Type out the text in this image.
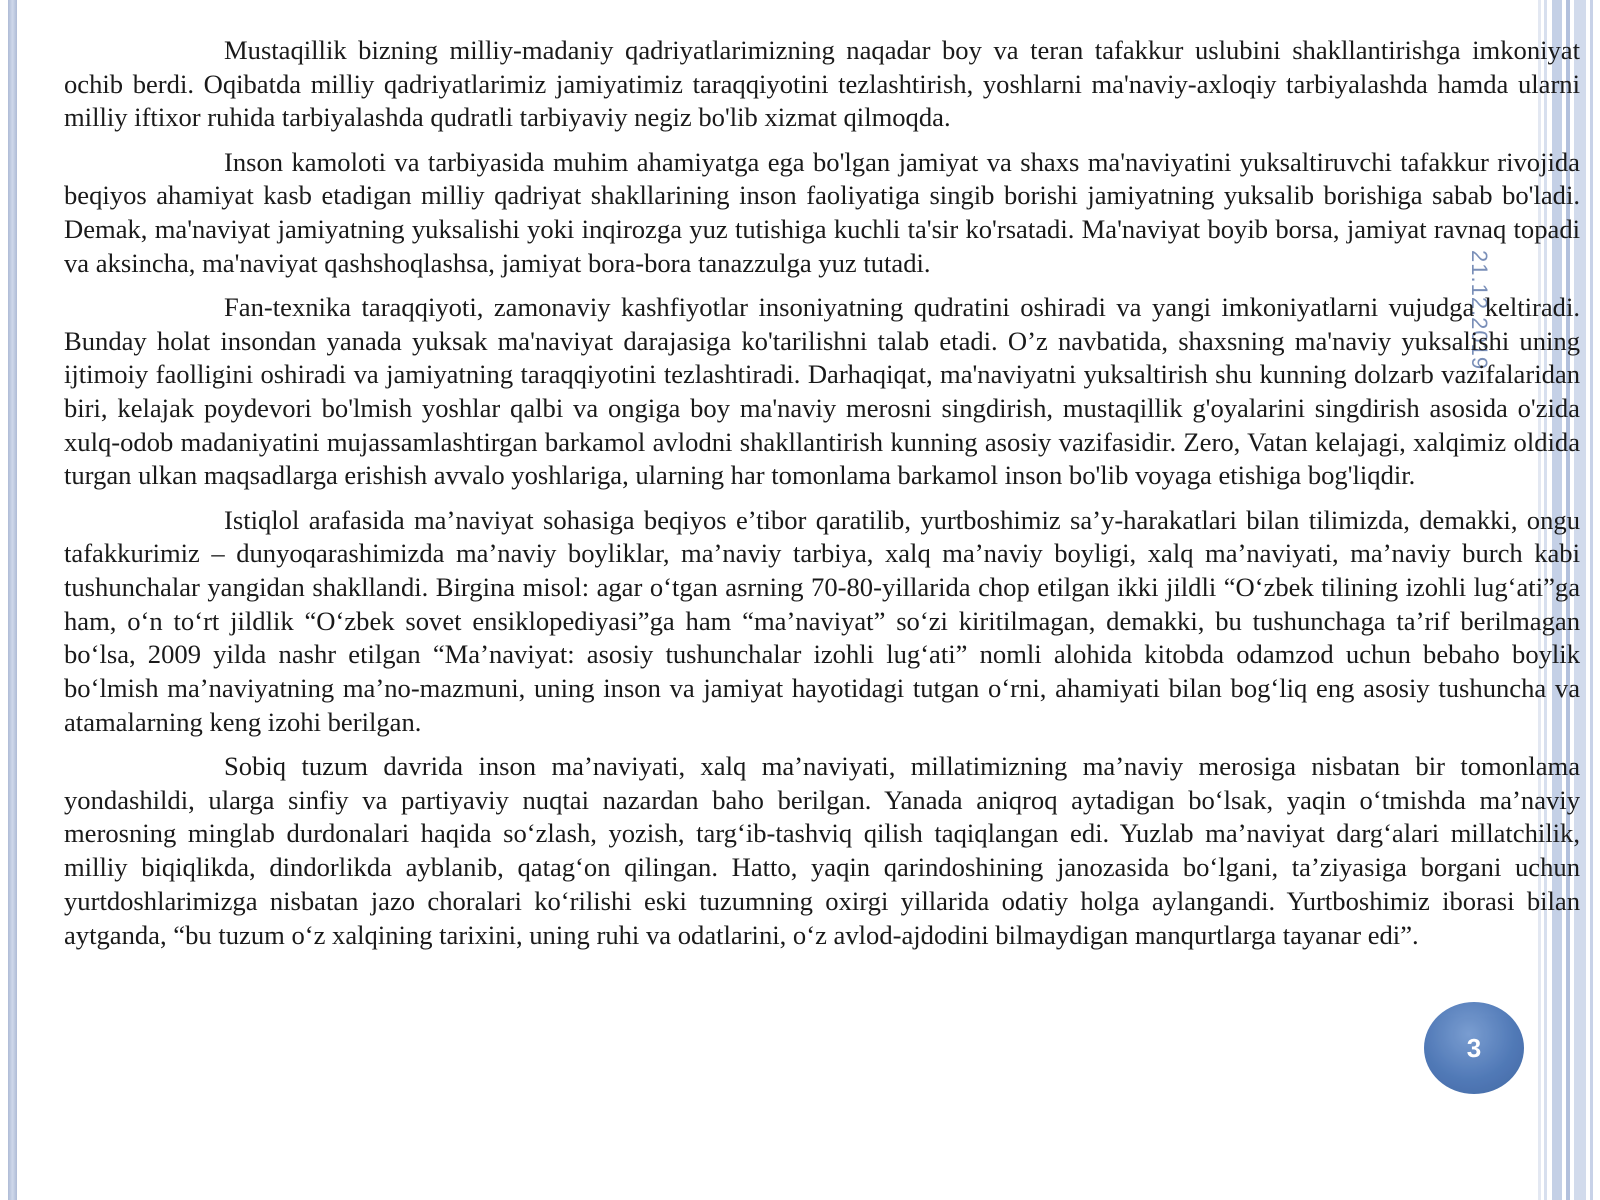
21.12.2019

Mustaqillik bizning milliy-madaniy qadriyatlarimizning naqadar boy va teran tafakkur uslubini shakllantirishga imkoniyat ochib berdi. Oqibatda milliy qadriyatlarimiz jamiyatimiz taraqqiyotini tezlashtirish, yoshlarni ma'naviy-axloqiy tarbiyalashda hamda ularni milliy iftixor ruhida tarbiyalashda qudratli tarbiyaviy negiz bo'lib xizmat qilmoqda.

Inson kamoloti va tarbiyasida muhim ahamiyatga ega bo'lgan jamiyat va shaxs ma'naviyatini yuksaltiruvchi tafakkur rivojida beqiyos ahamiyat kasb etadigan milliy qadriyat shakllarining inson faoliyatiga singib borishi jamiyatning yuksalib borishiga sabab bo'ladi. Demak, ma'naviyat jamiyatning yuksalishi yoki inqirozga yuz tutishiga kuchli ta'sir ko'rsatadi. Ma'naviyat boyib borsa, jamiyat ravnaq topadi va aksincha, ma'naviyat qashshoqlashsa, jamiyat bora-bora tanazzulga yuz tutadi.

Fan-texnika taraqqiyoti, zamonaviy kashfiyotlar insoniyatning qudratini oshiradi va yangi imkoniyatlarni vujudga keltiradi. Bunday holat insondan yanada yuksak ma'naviyat darajasiga ko'tarilishni talab etadi. O’z navbatida, shaxsning ma'naviy yuksalishi uning ijtimoiy faolligini oshiradi va jamiyatning taraqqiyotini tezlashtiradi. Darhaqiqat, ma'naviyatni yuksaltirish shu kunning dolzarb vazifalaridan biri, kelajak poydevori bo'lmish yoshlar qalbi va ongiga boy ma'naviy merosni singdirish, mustaqillik g'oyalarini singdirish asosida o'zida xulq-odob madaniyatini mujassamlashtirgan barkamol avlodni shakllantirish kunning asosiy vazifasidir. Zero, Vatan kelajagi, xalqimiz oldida turgan ulkan maqsadlarga erishish avvalo yoshlariga, ularning har tomonlama barkamol inson bo'lib voyaga etishiga bog'liqdir.

Istiqlol arafasida ma’naviyat sohasiga beqiyos e’tibor qaratilib, yurtboshimiz sa’y-harakatlari bilan tilimizda, demakki, ongu tafakkurimiz – dunyoqarashimizda ma’naviy boyliklar, ma’naviy tarbiya, xalq ma’naviy boyligi, xalq ma’naviyati, ma’naviy burch kabi tushunchalar yangidan shakllandi. Birgina misol: agar o‘tgan asrning 70-80-yillarida chop etilgan ikki jildli “O‘zbek tilining izohli lug‘ati”ga ham, o‘n to‘rt jildlik “O‘zbek sovet ensiklopediyasi”ga ham “ma’naviyat” so‘zi kiritilmagan, demakki, bu tushunchaga ta’rif berilmagan bo‘lsa, 2009 yilda nashr etilgan “Ma’naviyat: asosiy tushunchalar izohli lug‘ati” nomli alohida kitobda odamzod uchun bebaho boylik bo‘lmish ma’naviyatning ma’no-mazmuni, uning inson va jamiyat hayotidagi tutgan o‘rni, ahamiyati bilan bog‘liq eng asosiy tushuncha va atamalarning keng izohi berilgan.

Sobiq tuzum davrida inson ma’naviyati, xalq ma’naviyati, millatimizning ma’naviy merosiga nisbatan bir tomonlama yondashildi, ularga sinfiy va partiyaviy nuqtai nazardan baho berilgan. Yanada aniqroq aytadigan bo‘lsak, yaqin o‘tmishda ma’naviy merosning minglab durdonalari haqida so‘zlash, yozish, targ‘ib-tashviq qilish taqiqlangan edi. Yuzlab ma’naviyat darg‘alari millatchilik, milliy biqiqlikda, dindorlikda ayblanib, qatag‘on qilingan. Hatto, yaqin qarindoshining janozasida bo‘lgani, ta’ziyasiga borgani uchun yurtdoshlarimizga nisbatan jazo choralari ko‘rilishi eski tuzumning oxirgi yillarida odatiy holga aylangandi. Yurtboshimiz iborasi bilan aytganda, “bu tuzum o‘z xalqining tarixini, uning ruhi va odatlarini, o‘z avlod-ajdodini bilmaydigan manqurtlarga tayanar edi”.

3
